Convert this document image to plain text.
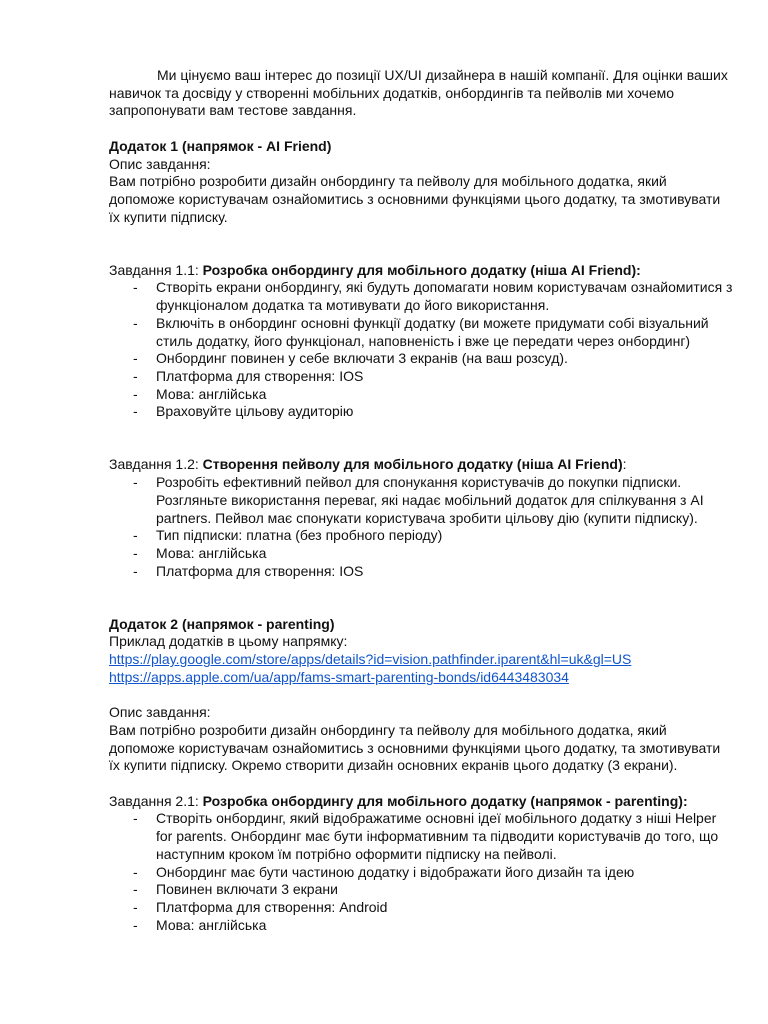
Ми цінуємо ваш інтерес до позиції UX/UI дизайнера в нашій компанії. Для оцінки ваших навичок та досвіду у створенні мобільних додатків, онбордингів та пейволів ми хочемо запропонувати вам тестове завдання.

Додаток 1 (напрямок - AI Friend)

Опис завдання:

Вам потрібно розробити дизайн онбордингу та пейволу для мобільного додатка, який допоможе користувачам ознайомитись з основними функціями цього додатку, та змотивувати їх купити підписку.

Завдання 1.1: Розробка онбордингу для мобільного додатку (ніша AI Friend):

- Створіть екрани онбордингу, які будуть допомагати новим користувачам ознайомитися з функціоналом додатка та мотивувати до його використання.
- Включіть в онбординг основні функції додатку (ви можете придумати собі візуальний стиль додатку, його функціонал, наповненість і вже це передати через онбординг)
- Онбординг повинен у себе включати 3 екранів (на ваш розсуд).
- Платформа для створення: IOS
- Мова: англійська
- Враховуйте цільову аудиторію

Завдання 1.2: Створення пейволу для мобільного додатку (ніша AI Friend):

- Розробіть ефективний пейвол для спонукання користувачів до покупки підписки. Розгляньте використання переваг, які надає мобільний додаток для спілкування з AI partners. Пейвол має спонукати користувача зробити цільову дію (купити підписку).
- Тип підписки: платна (без пробного періоду)
- Мова: англійська
- Платформа для створення: IOS

Додаток 2 (напрямок - parenting)

Приклад додатків в цьому напрямку:

https://play.google.com/store/apps/details?id=vision.pathfinder.iparent&hl=uk&gl=US

https://apps.apple.com/ua/app/fams-smart-parenting-bonds/id6443483034

Опис завдання:

Вам потрібно розробити дизайн онбордингу та пейволу для мобільного додатка, який допоможе користувачам ознайомитись з основними функціями цього додатку, та змотивувати їх купити підписку. Окремо створити дизайн основних екранів цього додатку (3 екрани).

Завдання 2.1: Розробка онбордингу для мобільного додатку (напрямок - parenting):

- Створіть онбординг, який відображатиме основні ідеї мобільного додатку з ніші Helper for parents. Онбординг має бути інформативним та підводити користувачів до того, що наступним кроком їм потрібно оформити підписку на пейволі.
- Онбординг має бути частиною додатку і відображати його дизайн та ідею
- Повинен включати 3 екрани
- Платформа для створення: Android
- Мова: англійська
